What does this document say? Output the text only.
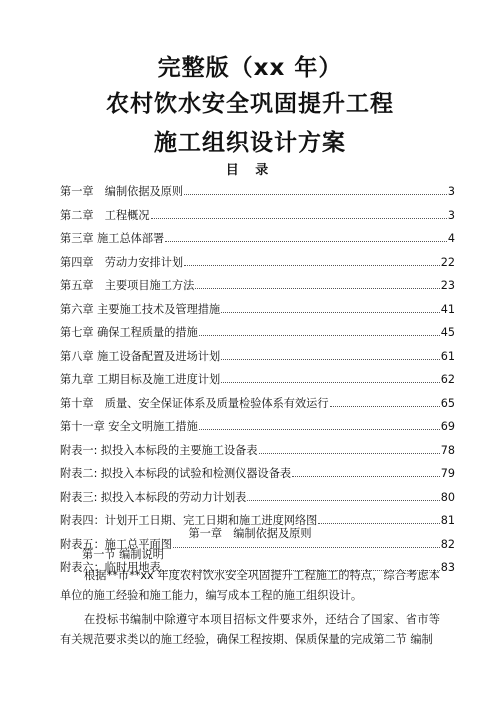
完整版（xx 年）
农村饮水安全巩固提升工程
施工组织设计方案
目 录
第一章　编制依据及原则	3
第二章　工程概况	3
第三章 施工总体部署	4
第四章　劳动力安排计划	22
第五章　主要项目施工方法	23
第六章 主要施工技术及管理措施	41
第七章 确保工程质量的措施	45
第八章 施工设备配置及进场计划	61
第九章 工期目标及施工进度计划	62
第十章　质量、安全保证体系及质量检验体系有效运行	65
第十一章 安全文明施工措施	69
附表一: 拟投入本标段的主要施工设备表	78
附表二: 拟投入本标段的试验和检测仪器设备表	79
附表三: 拟投入本标段的劳动力计划表	80
附表四：计划开工日期、完工日期和施工进度网络图	81
附表五：施工总平面图	82
附表六：临时用地表	83
第一章　编制依据及原则
第一节 编制说明
根据**市**xx 年度农村饮水安全巩固提升工程施工的特点，综合考虑本单位的施工经验和施工能力，编写成本工程的施工组织设计。
在投标书编制中除遵守本项目招标文件要求外，还结合了国家、省市等有关规范要求类以的施工经验，确保工程按期、保质保量的完成第二节 编制
